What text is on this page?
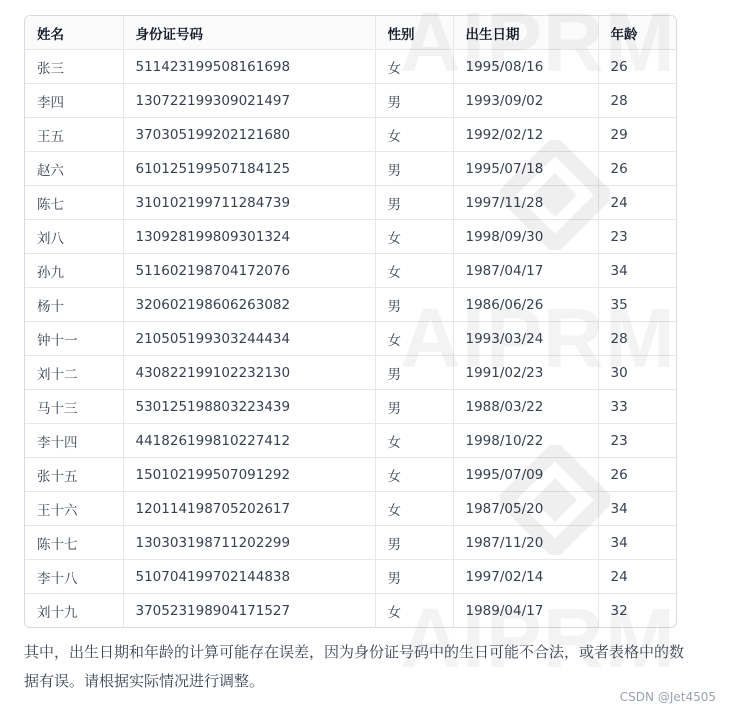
姓名	身份证号码	性别	出生日期	年龄
张三	511423199508161698	女	1995/08/16	26
李四	130722199309021497	男	1993/09/02	28
王五	370305199202121680	女	1992/02/12	29
赵六	610125199507184125	男	1995/07/18	26
陈七	310102199711284739	男	1997/11/28	24
刘八	130928199809301324	女	1998/09/30	23
孙九	511602198704172076	女	1987/04/17	34
杨十	320602198606263082	男	1986/06/26	35
钟十一	210505199303244434	女	1993/03/24	28
刘十二	430822199102232130	男	1991/02/23	30
马十三	530125198803223439	男	1988/03/22	33
李十四	441826199810227412	女	1998/10/22	23
张十五	150102199507091292	女	1995/07/09	26
王十六	120114198705202617	女	1987/05/20	34
陈十七	130303198711202299	男	1987/11/20	34
李十八	510704199702144838	男	1997/02/14	24
刘十九	370523198904171527	女	1989/04/17	32

其中，出生日期和年龄的计算可能存在误差，因为身份证号码中的生日可能不合法，或者表格中的数据有误。请根据实际情况进行调整。

CSDN @Jet4505
